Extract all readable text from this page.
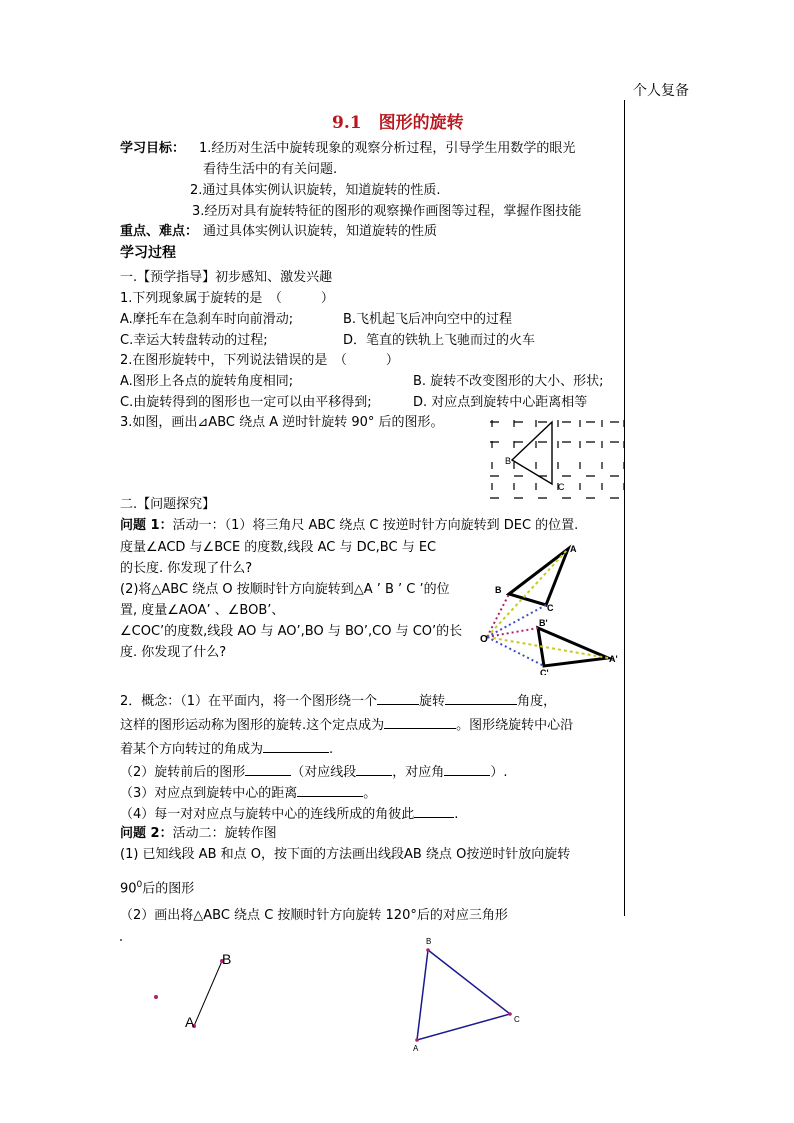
个人复备
9.1　图形的旋转
学习目标： 1.经历对生活中旋转现象的观察分析过程，引导学生用数学的眼光
看待生活中的有关问题.
2.通过具体实例认识旋转，知道旋转的性质.
3.经历对具有旋转特征的图形的观察操作画图等过程，掌握作图技能
重点、难点： 通过具体实例认识旋转，知道旋转的性质
学习过程
一.【预学指导】初步感知、激发兴趣
1.下列现象属于旋转的是　（　　　）
A.摩托车在急刹车时向前滑动;	B.飞机起飞后冲向空中的过程
C.幸运大转盘转动的过程;	D．笔直的铁轨上飞驰而过的火车
2.在图形旋转中，下列说法错误的是　（　　　）
A.图形上各点的旋转角度相同;	B. 旋转不改变图形的大小、形状;
C.由旋转得到的图形也一定可以由平移得到;	D. 对应点到旋转中心距离相等
3.如图，画出⊿ABC 绕点 A 逆时针旋转 90° 后的图形。
B
C
二.【问题探究】
问题 1：活动一：（1）将三角尺 ABC 绕点 C 按逆时针方向旋转到 DEC 的位置.
度量∠ACD 与∠BCE 的度数,线段 AC 与 DC,BC 与 EC
的长度. 你发现了什么?
(2)将△ABC 绕点 O 按顺时针方向旋转到△A ’ B ’ C ’的位
置, 度量∠AOA’ 、∠BOB’、
∠COC’的度数,线段 AO 与 AO’,BO 与 BO’,CO 与 CO’的长
度. 你发现了什么?
A
B
C
O
A'
B'
C'
2．概念：（1）在平面内，将一个图形绕一个	旋转	角度，
这样的图形运动称为图形的旋转.这个定点成为	。图形绕旋转中心沿
着某个方向转过的角成为	.
（2）旋转前后的图形	（对应线段	，对应角	）.
（3）对应点到旋转中心的距离	。
（4）每一对对应点与旋转中心的连线所成的角彼此	.
问题 2：活动二：旋转作图
(1) 已知线段 AB 和点 O，按下面的方法画出线段AB 绕点 O按逆时针放向旋转
$90^0$后的图形
（2）画出将△ABC 绕点 C 按顺时针方向旋转 120°后的对应三角形
B
A
B
C
A
